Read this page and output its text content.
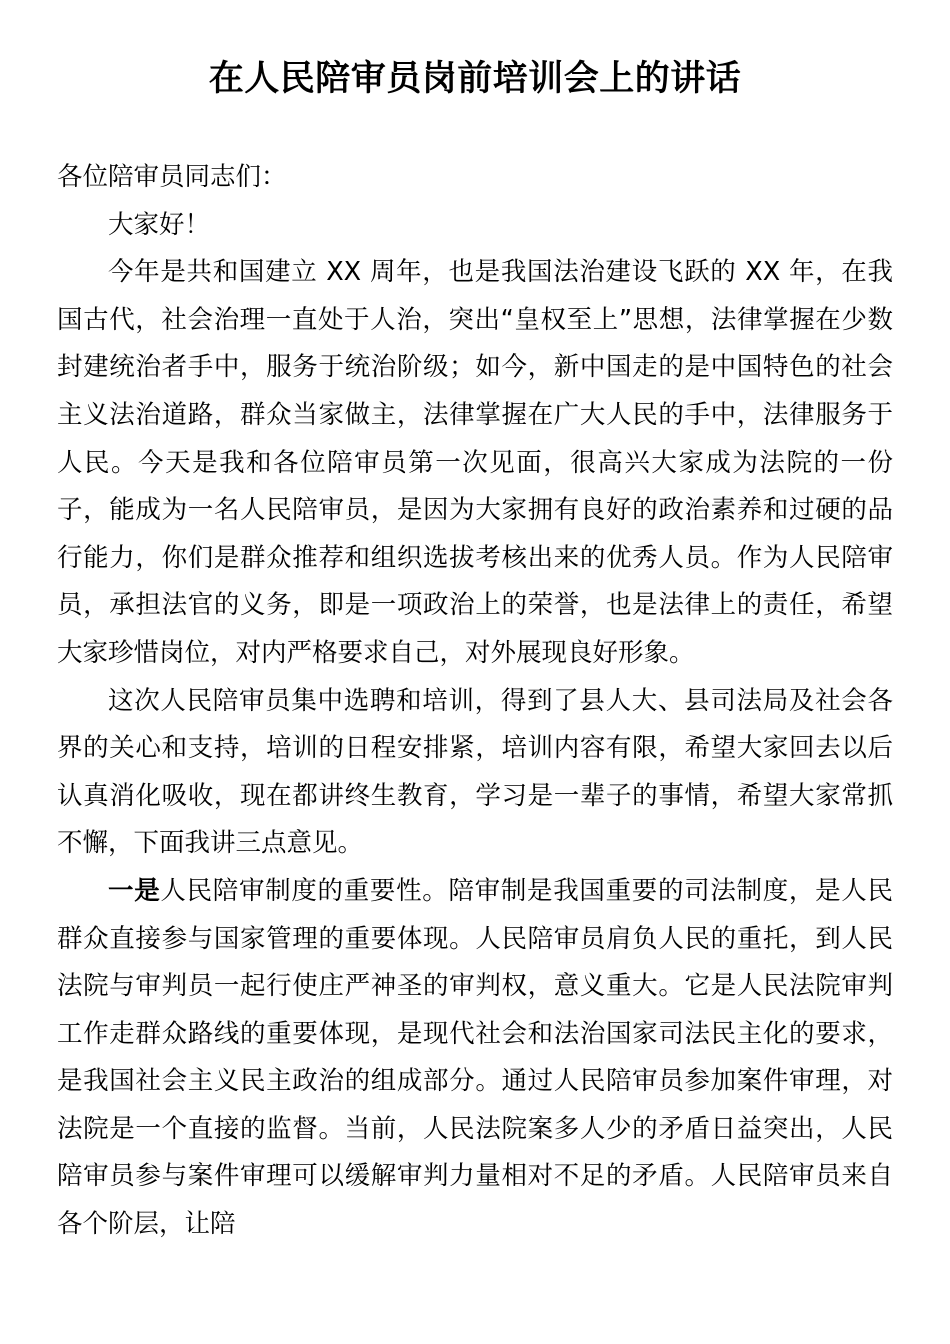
在人民陪审员岗前培训会上的讲话

各位陪审员同志们：

大家好！

今年是共和国建立 XX 周年，也是我国法治建设飞跃的 XX 年，在我国古代，社会治理一直处于人治，突出“皇权至上”思想，法律掌握在少数封建统治者手中，服务于统治阶级；如今，新中国走的是中国特色的社会主义法治道路，群众当家做主，法律掌握在广大人民的手中，法律服务于人民。今天是我和各位陪审员第一次见面，很高兴大家成为法院的一份子，能成为一名人民陪审员，是因为大家拥有良好的政治素养和过硬的品行能力，你们是群众推荐和组织选拔考核出来的优秀人员。作为人民陪审员，承担法官的义务，即是一项政治上的荣誉，也是法律上的责任，希望大家珍惜岗位，对内严格要求自己，对外展现良好形象。

这次人民陪审员集中选聘和培训，得到了县人大、县司法局及社会各界的关心和支持，培训的日程安排紧，培训内容有限，希望大家回去以后认真消化吸收，现在都讲终生教育，学习是一辈子的事情，希望大家常抓不懈，下面我讲三点意见。

一是人民陪审制度的重要性。陪审制是我国重要的司法制度，是人民群众直接参与国家管理的重要体现。人民陪审员肩负人民的重托，到人民法院与审判员一起行使庄严神圣的审判权，意义重大。它是人民法院审判工作走群众路线的重要体现，是现代社会和法治国家司法民主化的要求，是我国社会主义民主政治的组成部分。通过人民陪审员参加案件审理，对法院是一个直接的监督。当前，人民法院案多人少的矛盾日益突出，人民陪审员参与案件审理可以缓解审判力量相对不足的矛盾。人民陪审员来自各个阶层，让陪
